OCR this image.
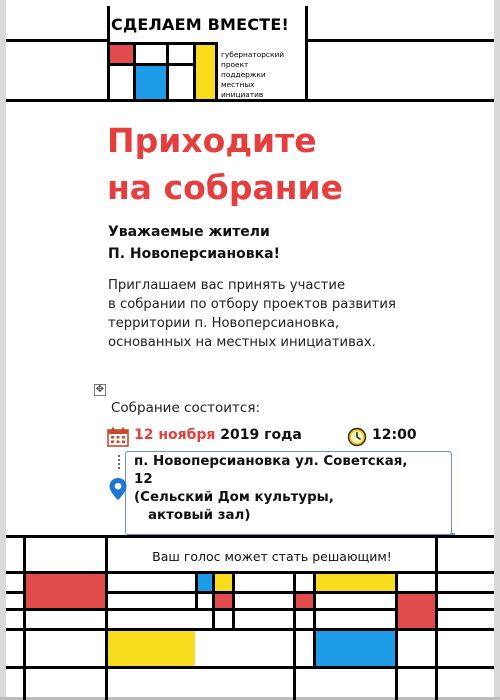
СДЕЛАЕМ ВМЕСТЕ!
губернаторский
проект
поддержки
местных
инициатив
Приходите
на собрание
Уважаемые жители
П. Новоперсиановка!
Приглашаем вас принять участие
в собрании по отбору проектов развития
территории п. Новоперсиановка,
основанных на местных инициативах.
✥
Собрание состоится:
12 ноября 2019 года	12:00
п. Новоперсиановка ул. Советская,
12
(Сельский Дом культуры,
актовый зал)
Ваш голос может стать решающим!
